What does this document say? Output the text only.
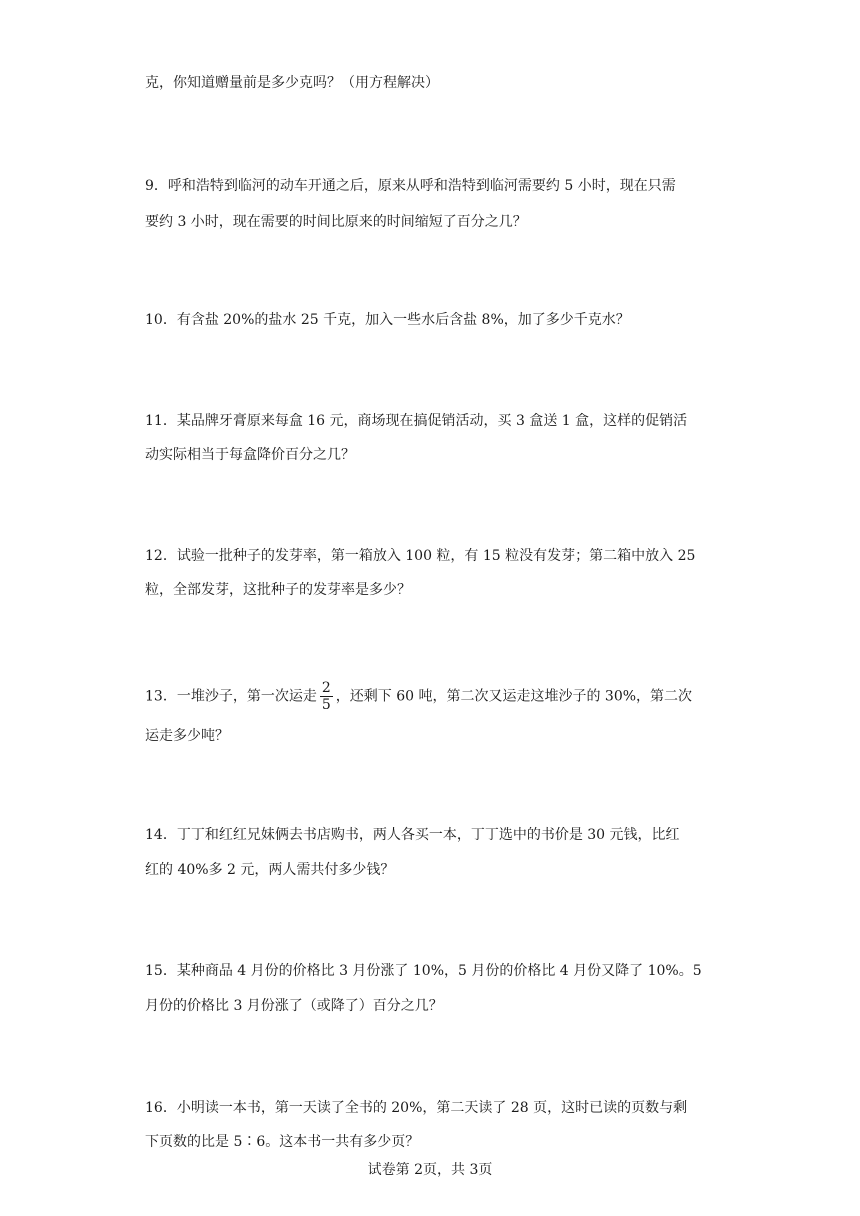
克，你知道赠量前是多少克吗？（用方程解决）
9．呼和浩特到临河的动车开通之后，原来从呼和浩特到临河需要约 5 小时，现在只需
要约 3 小时，现在需要的时间比原来的时间缩短了百分之几？
10．有含盐 20%的盐水 25 千克，加入一些水后含盐 8%，加了多少千克水？
11．某品牌牙膏原来每盒 16 元，商场现在搞促销活动，买 3 盒送 1 盒，这样的促销活
动实际相当于每盒降价百分之几？
12．试验一批种子的发芽率，第一箱放入 100 粒，有 15 粒没有发芽；第二箱中放入 25
粒，全部发芽，这批种子的发芽率是多少？
13．一堆沙子，第一次运走 $\frac{2}{5}$ ，还剩下 60 吨，第二次又运走这堆沙子的 30%，第二次
运走多少吨？
14．丁丁和红红兄妹俩去书店购书，两人各买一本，丁丁选中的书价是 30 元钱，比红
红的 40%多 2 元，两人需共付多少钱？
15．某种商品 4 月份的价格比 3 月份涨了 10%，5 月份的价格比 4 月份又降了 10%。5
月份的价格比 3 月份涨了（或降了）百分之几？
16．小明读一本书，第一天读了全书的 20%，第二天读了 28 页，这时已读的页数与剩
下页数的比是 5∶6。这本书一共有多少页？
试卷第 2页，共 3页
